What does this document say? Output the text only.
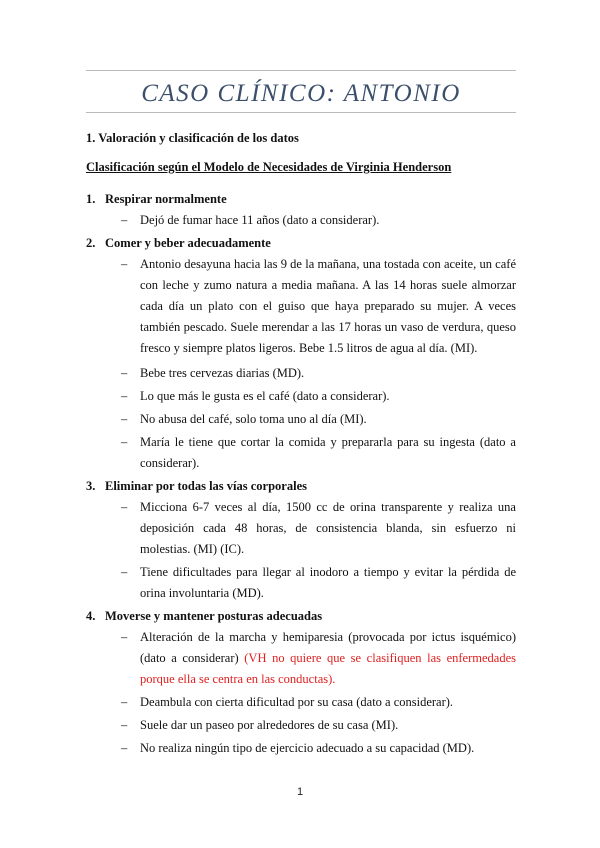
CASO CLÍNICO: ANTONIO
1. Valoración y clasificación de los datos
Clasificación según el Modelo de Necesidades de Virginia Henderson
1. Respirar normalmente
– Dejó de fumar hace 11 años (dato a considerar).
2. Comer y beber adecuadamente
– Antonio desayuna hacia las 9 de la mañana, una tostada con aceite, un café con leche y zumo natura a media mañana. A las 14 horas suele almorzar cada día un plato con el guiso que haya preparado su mujer. A veces también pescado. Suele merendar a las 17 horas un vaso de verdura, queso fresco y siempre platos ligeros. Bebe 1.5 litros de agua al día. (MI).
– Bebe tres cervezas diarias (MD).
– Lo que más le gusta es el café (dato a considerar).
– No abusa del café, solo toma uno al día (MI).
– María le tiene que cortar la comida y prepararla para su ingesta (dato a considerar).
3. Eliminar por todas las vías corporales
– Micciona 6-7 veces al día, 1500 cc de orina transparente y realiza una deposición cada 48 horas, de consistencia blanda, sin esfuerzo ni molestias. (MI) (IC).
– Tiene dificultades para llegar al inodoro a tiempo y evitar la pérdida de orina involuntaria (MD).
4. Moverse y mantener posturas adecuadas
– Alteración de la marcha y hemiparesia (provocada por ictus isquémico) (dato a considerar) (VH no quiere que se clasifiquen las enfermedades porque ella se centra en las conductas).
– Deambula con cierta dificultad por su casa (dato a considerar).
– Suele dar un paseo por alrededores de su casa (MI).
– No realiza ningún tipo de ejercicio adecuado a su capacidad (MD).
1
